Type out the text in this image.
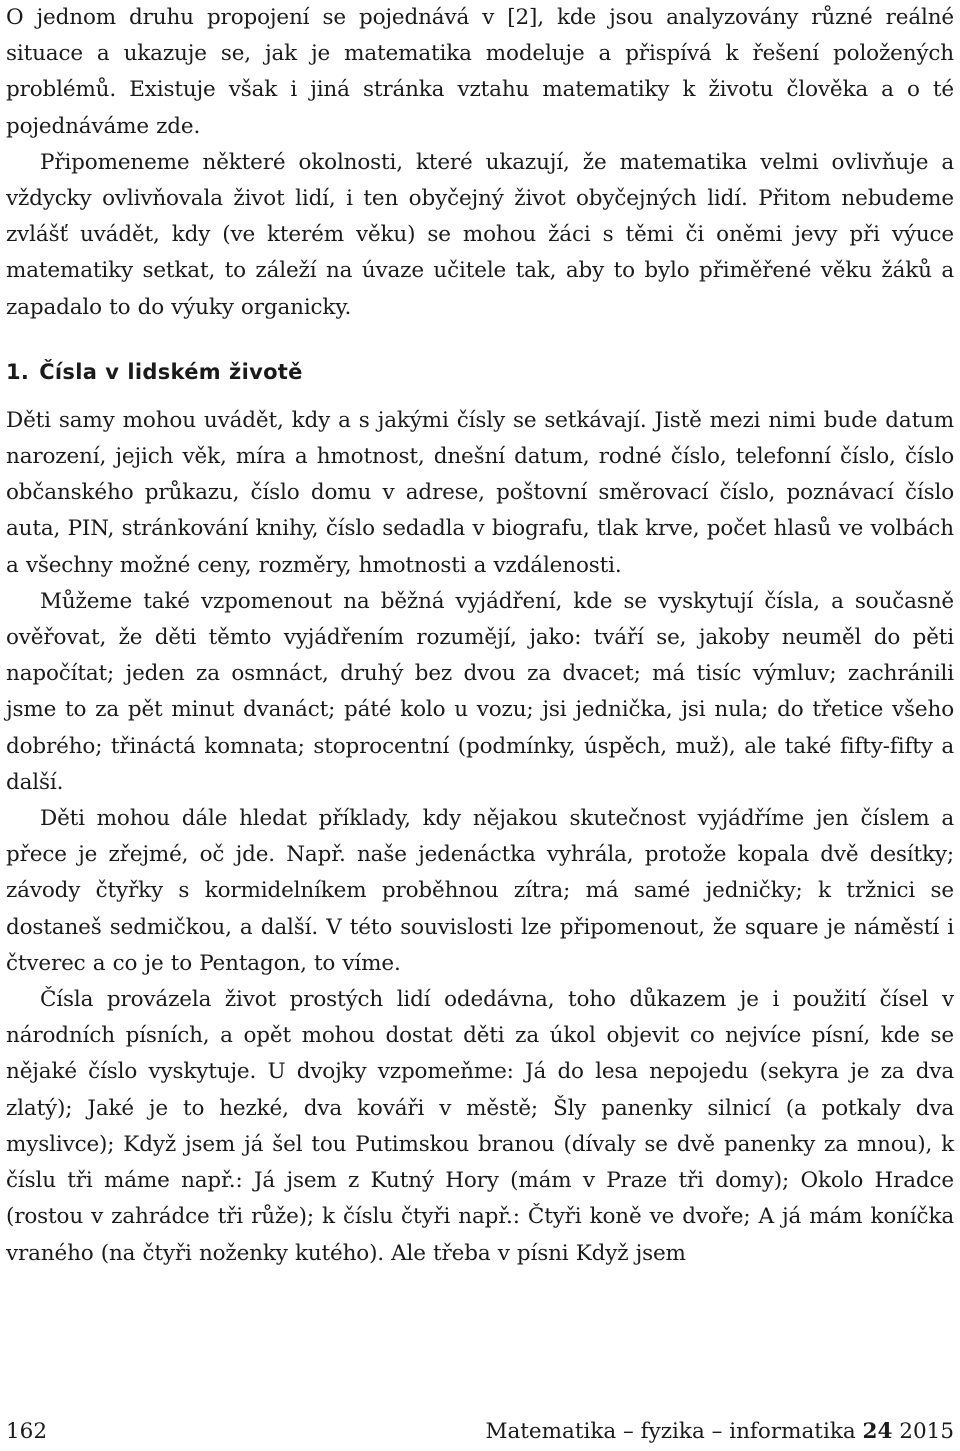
O jednom druhu propojení se pojednává v [2], kde jsou analyzovány různé reálné situace a ukazuje se, jak je matematika modeluje a přispívá k řešení položených problémů. Existuje však i jiná stránka vztahu matematiky k životu člověka a o té pojednáváme zde.

Připomeneme některé okolnosti, které ukazují, že matematika velmi ovlivňuje a vždycky ovlivňovala život lidí, i ten obyčejný život obyčejných lidí. Přitom nebudeme zvlášť uvádět, kdy (ve kterém věku) se mohou žáci s těmi či oněmi jevy při výuce matematiky setkat, to záleží na úvaze učitele tak, aby to bylo přiměřené věku žáků a zapadalo to do výuky organicky.

1. Čísla v lidském životě

Děti samy mohou uvádět, kdy a s jakými čísly se setkávají. Jistě mezi nimi bude datum narození, jejich věk, míra a hmotnost, dnešní datum, rodné číslo, telefonní číslo, číslo občanského průkazu, číslo domu v adrese, poštovní směrovací číslo, poznávací číslo auta, PIN, stránkování knihy, číslo sedadla v biografu, tlak krve, počet hlasů ve volbách a všechny možné ceny, rozměry, hmotnosti a vzdálenosti.

Můžeme také vzpomenout na běžná vyjádření, kde se vyskytují čísla, a současně ověřovat, že děti těmto vyjádřením rozumějí, jako: tváří se, jakoby neuměl do pěti napočítat; jeden za osmnáct, druhý bez dvou za dvacet; má tisíc výmluv; zachránili jsme to za pět minut dvanáct; páté kolo u vozu; jsi jednička, jsi nula; do třetice všeho dobrého; třináctá komnata; stoprocentní (podmínky, úspěch, muž), ale také fifty-fifty a další.

Děti mohou dále hledat příklady, kdy nějakou skutečnost vyjádříme jen číslem a přece je zřejmé, oč jde. Např. naše jedenáctka vyhrála, protože kopala dvě desítky; závody čtyřky s kormidelníkem proběhnou zítra; má samé jedničky; k tržnici se dostaneš sedmičkou, a další. V této souvislosti lze připomenout, že square je náměstí i čtverec a co je to Pentagon, to víme.

Čísla provázela život prostých lidí odedávna, toho důkazem je i použití čísel v národních písních, a opět mohou dostat děti za úkol objevit co nejvíce písní, kde se nějaké číslo vyskytuje. U dvojky vzpomeňme: Já do lesa nepojedu (sekyra je za dva zlatý); Jaké je to hezké, dva kováři v městě; Šly panenky silnicí (a potkaly dva myslivce); Když jsem já šel tou Putimskou branou (dívaly se dvě panenky za mnou), k číslu tři máme např.: Já jsem z Kutný Hory (mám v Praze tři domy); Okolo Hradce (rostou v zahrádce tři růže); k číslu čtyři např.: Čtyři koně ve dvoře; A já mám koníčka vraného (na čtyři noženky kutého). Ale třeba v písni Když jsem

162	Matematika – fyzika – informatika 24 2015
